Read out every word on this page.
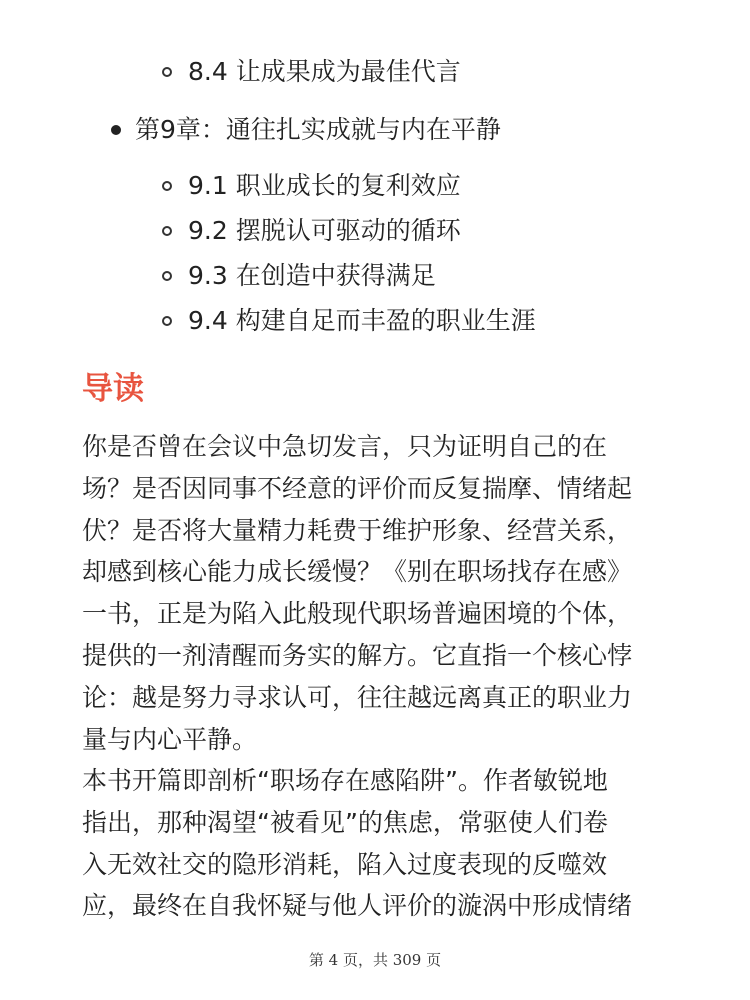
8.4 让成果成为最佳代言
第9章：通往扎实成就与内在平静
9.1 职业成长的复利效应
9.2 摆脱认可驱动的循环
9.3 在创造中获得满足
9.4 构建自足而丰盈的职业生涯
导读
你是否曾在会议中急切发言，只为证明自己的在
场？是否因同事不经意的评价而反复揣摩、情绪起
伏？是否将大量精力耗费于维护形象、经营关系，
却感到核心能力成长缓慢？《别在职场找存在感》
一书，正是为陷入此般现代职场普遍困境的个体，
提供的一剂清醒而务实的解方。它直指一个核心悖
论：越是努力寻求认可，往往越远离真正的职业力
量与内心平静。
本书开篇即剖析“职场存在感陷阱”。作者敏锐地
指出，那种渴望“被看见”的焦虑，常驱使人们卷
入无效社交的隐形消耗，陷入过度表现的反噬效
应，最终在自我怀疑与他人评价的漩涡中形成情绪
第 4 页，共 309 页
